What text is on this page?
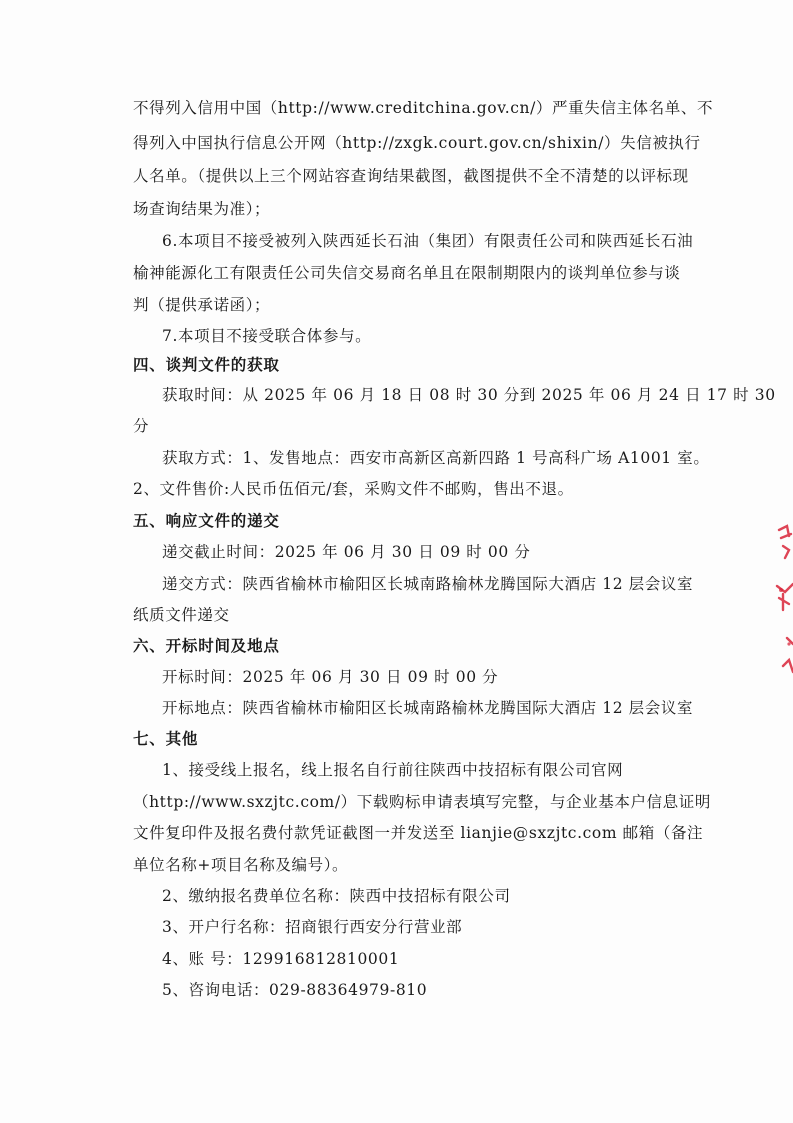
不得列入信用中国（http://www.creditchina.gov.cn/）严重失信主体名单、不
得列入中国执行信息公开网（http://zxgk.court.gov.cn/shixin/）失信被执行
人名单。（提供以上三个网站容查询结果截图，截图提供不全不清楚的以评标现
场查询结果为准）；
6.本项目不接受被列入陕西延长石油（集团）有限责任公司和陕西延长石油
榆神能源化工有限责任公司失信交易商名单且在限制期限内的谈判单位参与谈
判（提供承诺函）；
7.本项目不接受联合体参与。
四、谈判文件的获取
获取时间：从 2025 年 06 月 18 日 08 时 30 分到 2025 年 06 月 24 日 17 时 30
分
获取方式：1、发售地点：西安市高新区高新四路 1 号高科广场 A1001 室。
2、文件售价:人民币伍佰元/套，采购文件不邮购，售出不退。
五、响应文件的递交
递交截止时间：2025 年 06 月 30 日 09 时 00 分
递交方式：陕西省榆林市榆阳区长城南路榆林龙腾国际大酒店 12 层会议室
纸质文件递交
六、开标时间及地点
开标时间：2025 年 06 月 30 日 09 时 00 分
开标地点：陕西省榆林市榆阳区长城南路榆林龙腾国际大酒店 12 层会议室
七、其他
1、接受线上报名，线上报名自行前往陕西中技招标有限公司官网
（http://www.sxzjtc.com/）下载购标申请表填写完整，与企业基本户信息证明
文件复印件及报名费付款凭证截图一并发送至 lianjie@sxzjtc.com 邮箱（备注
单位名称+项目名称及编号）。
2、缴纳报名费单位名称：陕西中技招标有限公司
3、开户行名称：招商银行西安分行营业部
4、账 号：129916812810001
5、咨询电话：029-88364979-810
